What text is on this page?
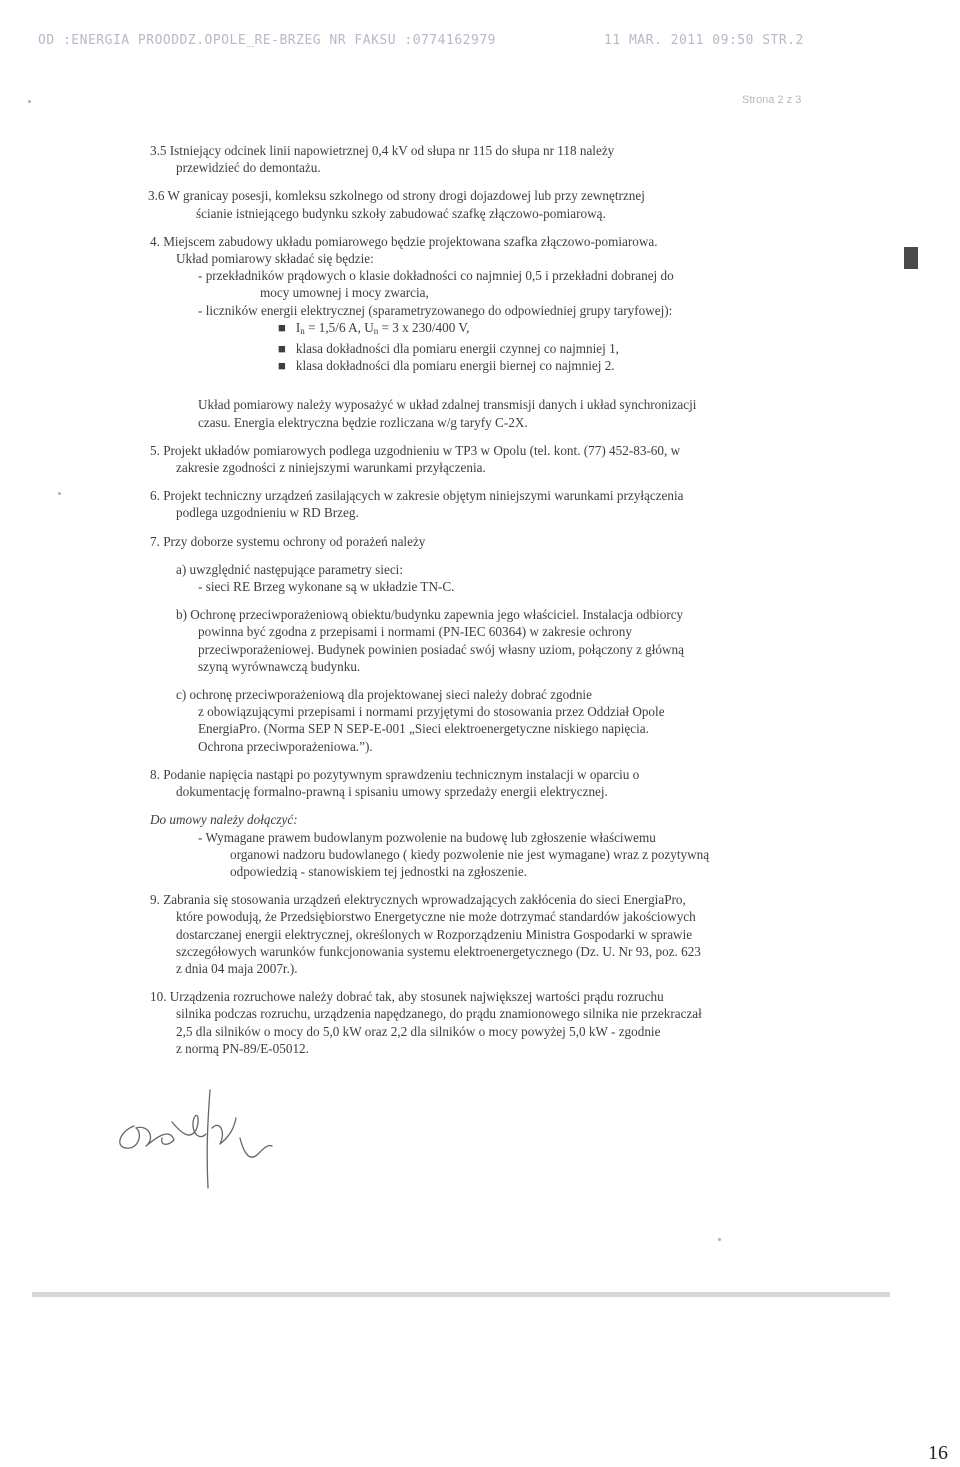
OD :ENERGIA PROODDZ.OPOLE_RE-BRZEG NR FAKSU :0774162979	11 MAR. 2011 09:50 STR.2
Strona 2 z 3
3.5 Istniejący odcinek linii napowietrznej 0,4 kV od słupa nr 115 do słupa nr 118 należy
przewidzieć do demontażu.
3.6 W granicay posesji, komleksu szkolnego od strony drogi dojazdowej lub przy zewnętrznej
ścianie istniejącego budynku szkoły zabudować szafkę złączowo-pomiarową.
4. Miejscem zabudowy układu pomiarowego będzie projektowana szafka złączowo-pomiarowa.
Układ pomiarowy składać się będzie:
- przekładników prądowych o klasie dokładności co najmniej 0,5 i przekładni dobranej do
mocy umownej i mocy zwarcia,
- liczników energii elektrycznej (sparametryzowanego do odpowiedniej grupy taryfowej):
■   $I_n = 1,5/6$ A, $U_n = 3$ x 230/400 V,
■   klasa dokładności dla pomiaru energii czynnej co najmniej 1,
■   klasa dokładności dla pomiaru energii biernej co najmniej 2.
Układ pomiarowy należy wyposażyć w układ zdalnej transmisji danych i układ synchronizacji
czasu. Energia elektryczna będzie rozliczana w/g taryfy C-2X.
5. Projekt układów pomiarowych podlega uzgodnieniu w TP3 w Opolu (tel. kont. (77) 452-83-60, w
zakresie zgodności z niniejszymi warunkami przyłączenia.
6. Projekt techniczny urządzeń zasilających w zakresie objętym niniejszymi warunkami przyłączenia
podlega uzgodnieniu w RD Brzeg.
7. Przy doborze systemu ochrony od porażeń należy
a) uwzględnić następujące parametry sieci:
- sieci RE Brzeg wykonane są w układzie TN-C.
b) Ochronę przeciwporażeniową obiektu/budynku zapewnia jego właściciel. Instalacja odbiorcy
powinna być zgodna z przepisami i normami (PN-IEC 60364) w zakresie ochrony
przeciwporażeniowej. Budynek powinien posiadać swój własny uziom, połączony z główną
szyną wyrównawczą budynku.
c) ochronę przeciwporażeniową dla projektowanej sieci należy dobrać zgodnie
z obowiązującymi przepisami i normami przyjętymi do stosowania przez Oddział Opole
EnergiaPro. (Norma SEP N SEP-E-001 „Sieci elektroenergetyczne niskiego napięcia.
Ochrona przeciwporażeniowa.”).
8. Podanie napięcia nastąpi po pozytywnym sprawdzeniu technicznym instalacji w oparciu o
dokumentację formalno-prawną i spisaniu umowy sprzedaży energii elektrycznej.
Do umowy należy dołączyć:
- Wymagane prawem budowlanym pozwolenie na budowę lub zgłoszenie właściwemu
organowi nadzoru budowlanego ( kiedy pozwolenie nie jest wymagane) wraz z pozytywną
odpowiedzią - stanowiskiem tej jednostki na zgłoszenie.
9. Zabrania się stosowania urządzeń elektrycznych wprowadzających zakłócenia do sieci EnergiaPro,
które powodują, że Przedsiębiorstwo Energetyczne nie może dotrzymać standardów jakościowych
dostarczanej energii elektrycznej, określonych w Rozporządzeniu Ministra Gospodarki w sprawie
szczegółowych warunków funkcjonowania systemu elektroenergetycznego (Dz. U. Nr 93, poz. 623
z dnia 04 maja 2007r.).
10. Urządzenia rozruchowe należy dobrać tak, aby stosunek największej wartości prądu rozruchu
silnika podczas rozruchu, urządzenia napędzanego, do prądu znamionowego silnika nie przekraczał
2,5 dla silników o mocy do 5,0 kW oraz 2,2 dla silników o mocy powyżej 5,0 kW - zgodnie
z normą PN-89/E-05012.
16
